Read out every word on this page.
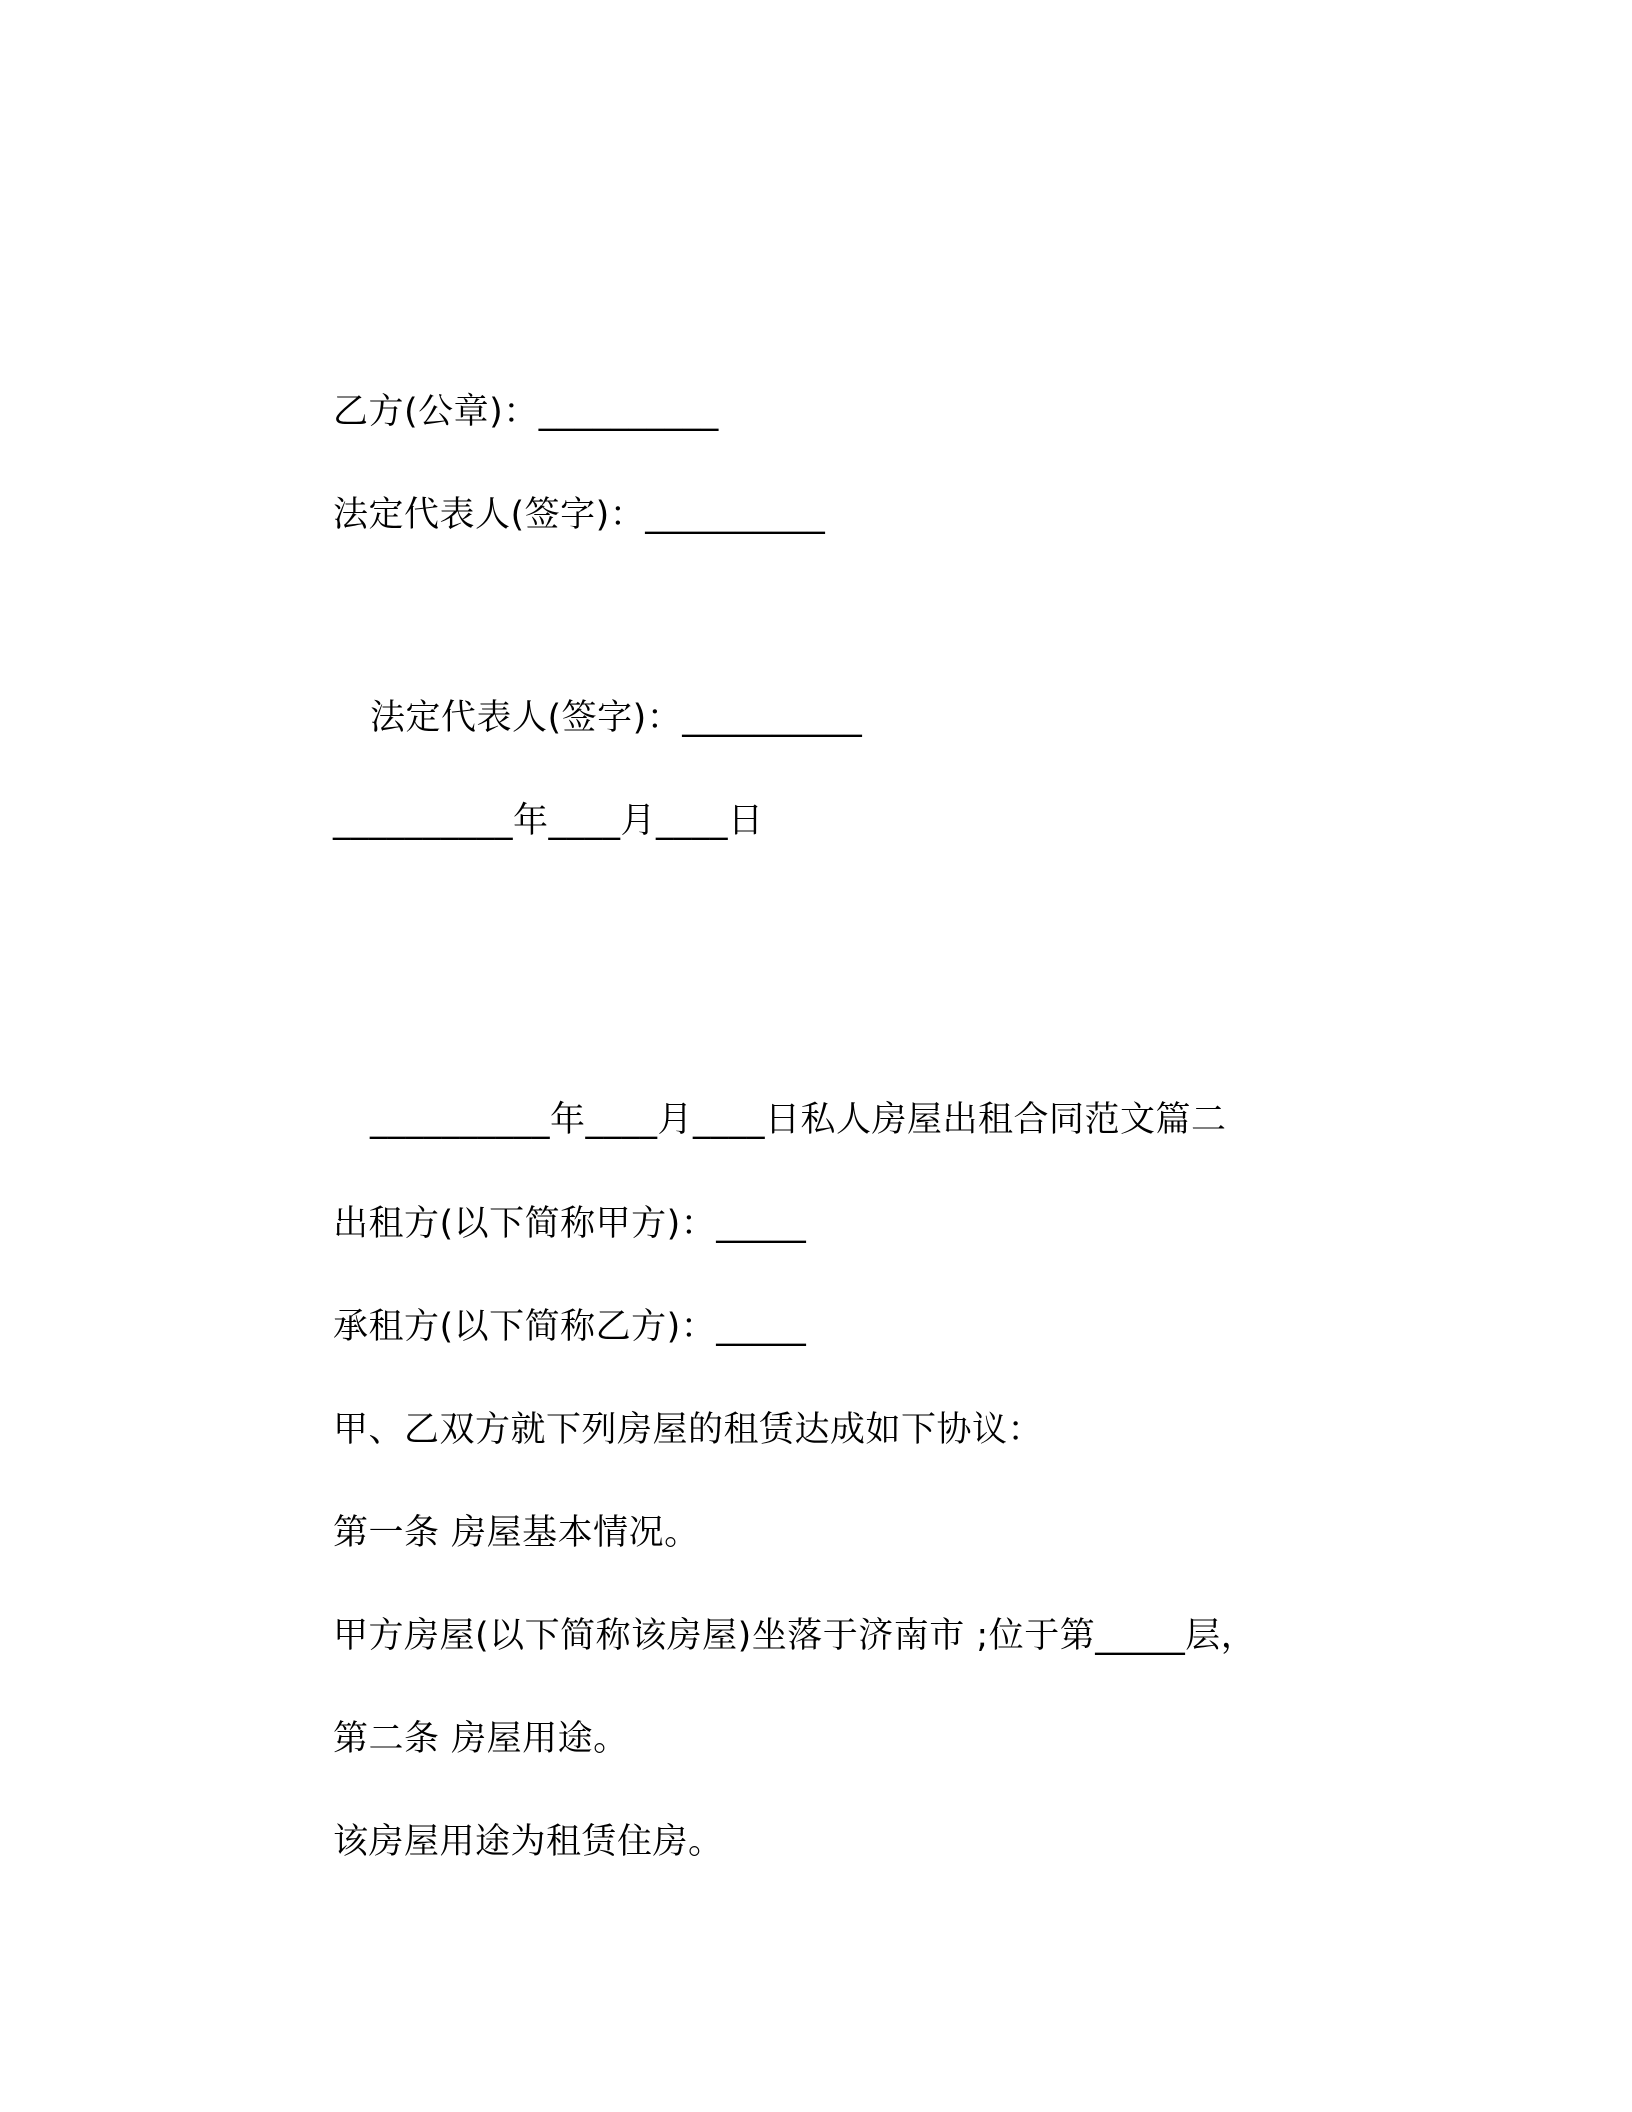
乙方(公章)：__________
法定代表人(签字)：__________
法定代表人(签字)：__________
__________年____月____日
__________年____月____日私人房屋出租合同范文篇二
出租方(以下简称甲方)：_____
承租方(以下简称乙方)：_____
甲、乙双方就下列房屋的租赁达成如下协议：
第一条 房屋基本情况。
甲方房屋(以下简称该房屋)坐落于济南市 ;位于第_____层，
第二条 房屋用途。
该房屋用途为租赁住房。
